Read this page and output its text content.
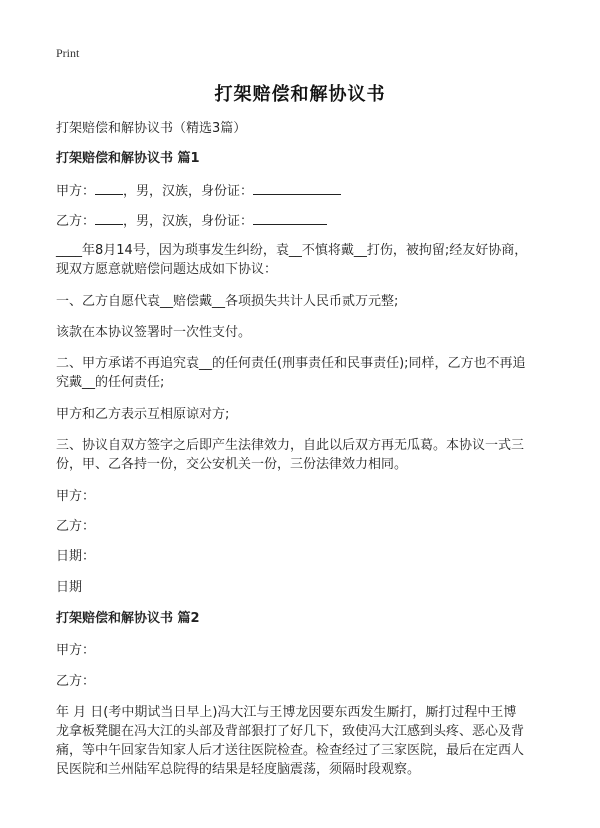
Print
打架赔偿和解协议书
打架赔偿和解协议书（精选3篇）
打架赔偿和解协议书 篇1
甲方： ，男，汉族，身份证：
乙方： ，男，汉族，身份证：
____年8月14号，因为琐事发生纠纷，袁__不慎将戴__打伤，被拘留;经友好协商，
现双方愿意就赔偿问题达成如下协议：
一、乙方自愿代袁__赔偿戴__各项损失共计人民币贰万元整;
该款在本协议签署时一次性支付。
二、甲方承诺不再追究袁__的任何责任(刑事责任和民事责任);同样，乙方也不再追
究戴__的任何责任;
甲方和乙方表示互相原谅对方;
三、协议自双方签字之后即产生法律效力，自此以后双方再无瓜葛。本协议一式三
份，甲、乙各持一份，交公安机关一份，三份法律效力相同。
甲方：
乙方：
日期：
日期
打架赔偿和解协议书 篇2
甲方：
乙方：
年 月 日(考中期试当日早上)冯大江与王博龙因要东西发生厮打，厮打过程中王博
龙拿板凳腿在冯大江的头部及背部狠打了好几下，致使冯大江感到头疼、恶心及背
痛，等中午回家告知家人后才送往医院检查。检查经过了三家医院，最后在定西人
民医院和兰州陆军总院得的结果是轻度脑震荡，须隔时段观察。
